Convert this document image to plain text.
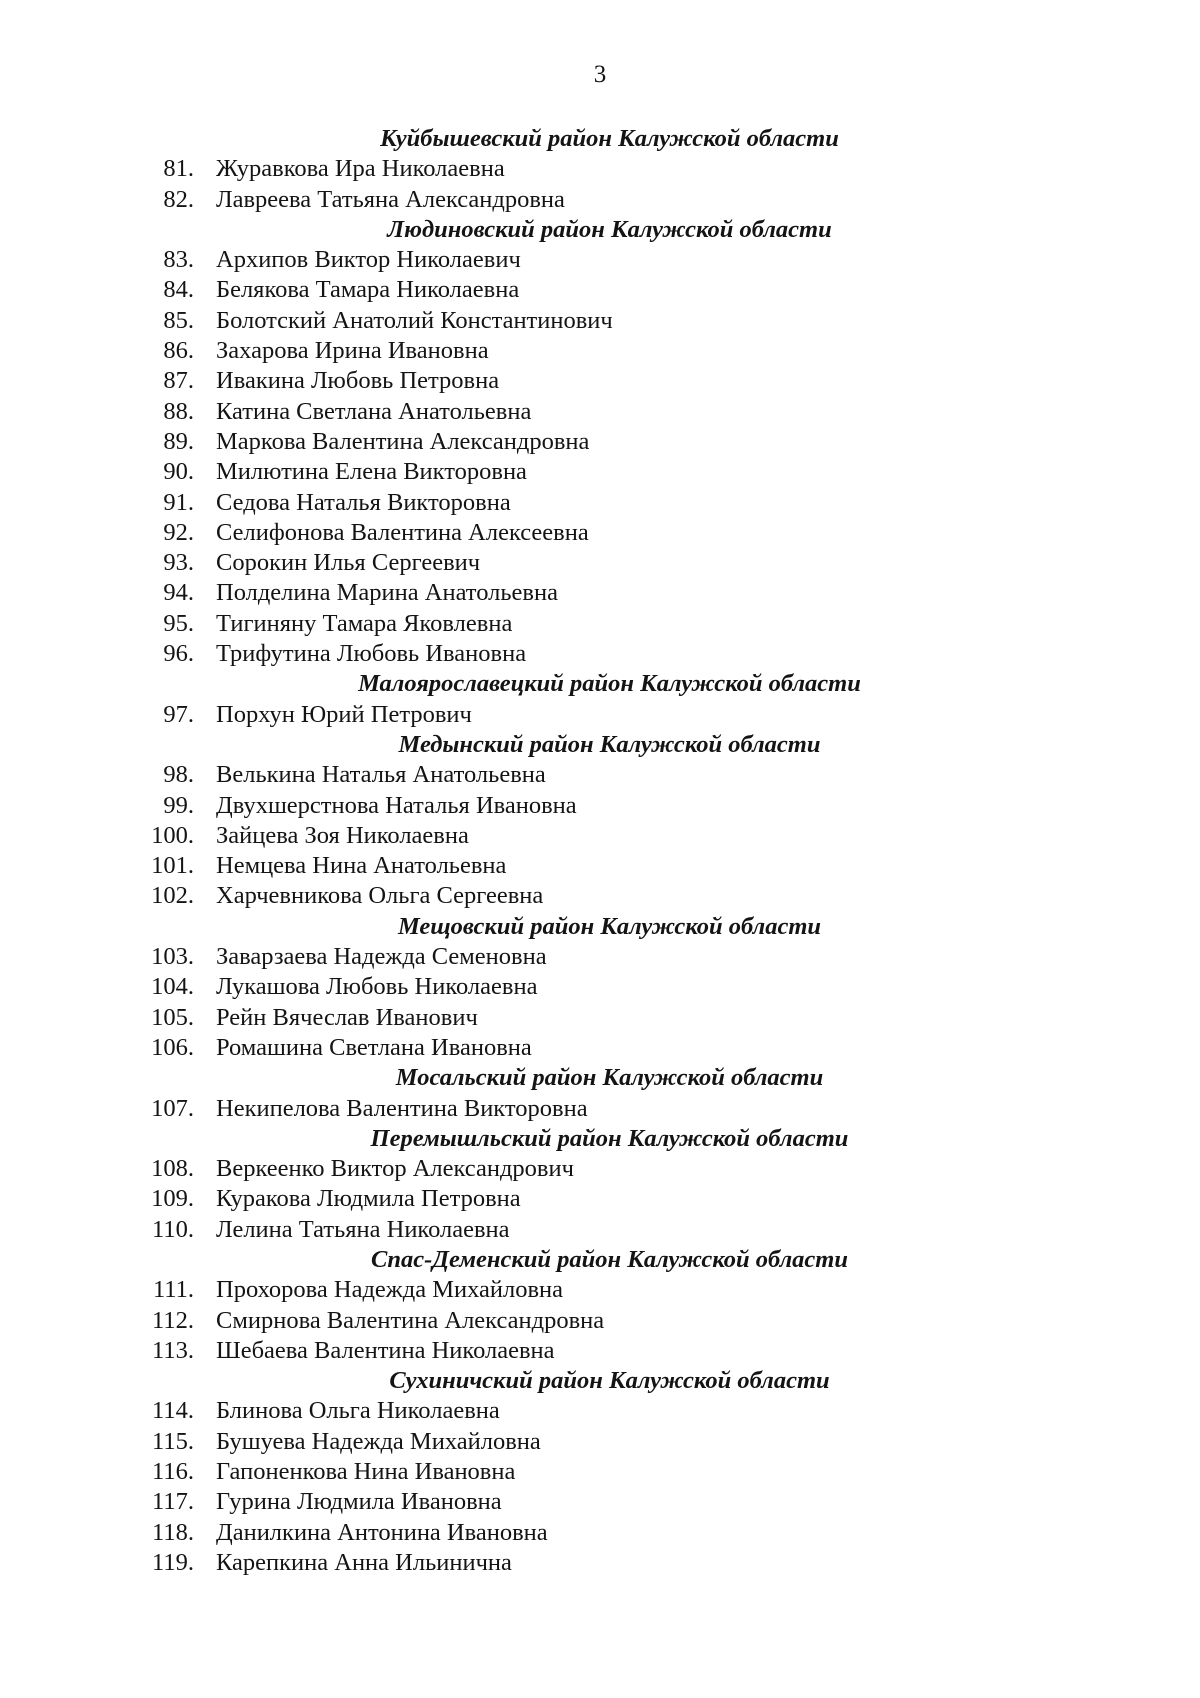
3
Куйбышевский район Калужской области
81. Журавкова Ира Николаевна
82. Лавреева Татьяна Александровна
Людиновский район Калужской области
83. Архипов Виктор Николаевич
84. Белякова Тамара Николаевна
85. Болотский Анатолий Константинович
86. Захарова Ирина Ивановна
87. Ивакина Любовь Петровна
88. Катина Светлана Анатольевна
89. Маркова Валентина Александровна
90. Милютина Елена Викторовна
91. Седова Наталья Викторовна
92. Селифонова Валентина Алексеевна
93. Сорокин Илья Сергеевич
94. Полделина Марина Анатольевна
95. Тигиняну Тамара Яковлевна
96. Трифутина Любовь Ивановна
Малоярославецкий район Калужской области
97. Порхун Юрий Петрович
Медынский район Калужской области
98. Велькина Наталья Анатольевна
99. Двухшерстнова Наталья Ивановна
100. Зайцева Зоя Николаевна
101. Немцева Нина Анатольевна
102. Харчевникова Ольга Сергеевна
Мещовский район Калужской области
103. Заварзаева Надежда Семеновна
104. Лукашова Любовь Николаевна
105. Рейн Вячеслав Иванович
106. Ромашина Светлана Ивановна
Мосальский район Калужской области
107. Некипелова Валентина Викторовна
Перемышльский район Калужской области
108. Веркеенко Виктор Александрович
109. Куракова Людмила Петровна
110. Лелина Татьяна Николаевна
Спас-Деменский район Калужской области
111. Прохорова Надежда Михайловна
112. Смирнова Валентина Александровна
113. Шебаева Валентина Николаевна
Сухиничский район Калужской области
114. Блинова Ольга Николаевна
115. Бушуева Надежда Михайловна
116. Гапоненкова Нина Ивановна
117. Гурина Людмила Ивановна
118. Данилкина Антонина Ивановна
119. Карепкина Анна Ильинична
